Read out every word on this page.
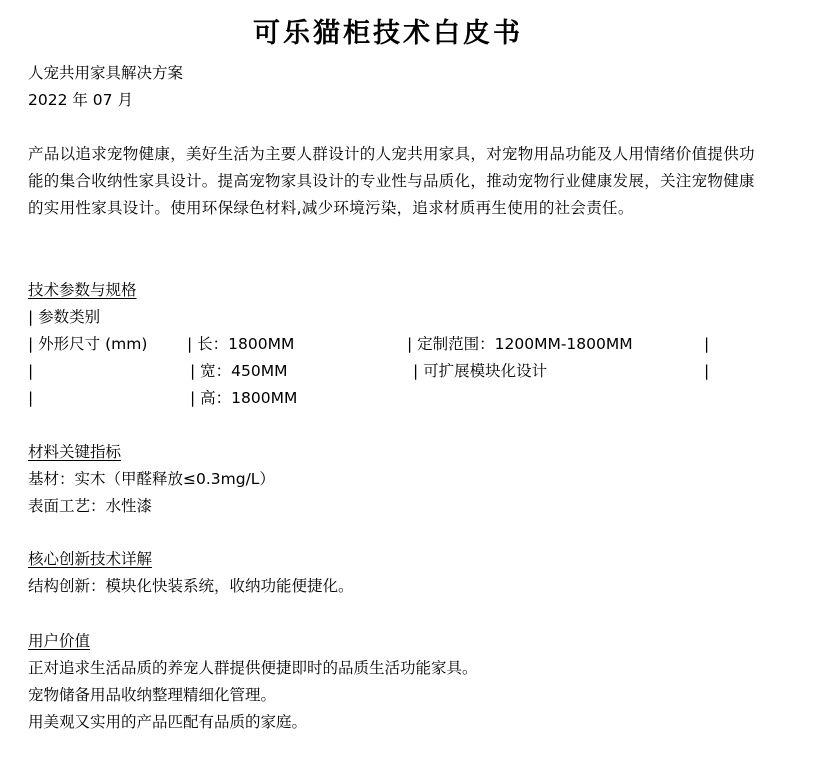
可乐猫柜技术白皮书
人宠共用家具解决方案
2022 年 07 月
产品以追求宠物健康，美好生活为主要人群设计的人宠共用家具，对宠物用品功能及人用情绪价值提供功能的集合收纳性家具设计。提高宠物家具设计的专业性与品质化，推动宠物行业健康发展，关注宠物健康的实用性家具设计。使用环保绿色材料,减少环境污染，追求材质再生使用的社会责任。
技术参数与规格
| 参数类别
| 外形尺寸 (mm)	| 长：1800MM	| 定制范围：1200MM-1800MM	|
|	| 宽：450MM	| 可扩展模块化设计	|
|	| 高：1800MM
材料关键指标
基材：实木（甲醛释放≤0.3mg/L）
表面工艺：水性漆
核心创新技术详解
结构创新：模块化快装系统，收纳功能便捷化。
用户价值
正对追求生活品质的养宠人群提供便捷即时的品质生活功能家具。
宠物储备用品收纳整理精细化管理。
用美观又实用的产品匹配有品质的家庭。
